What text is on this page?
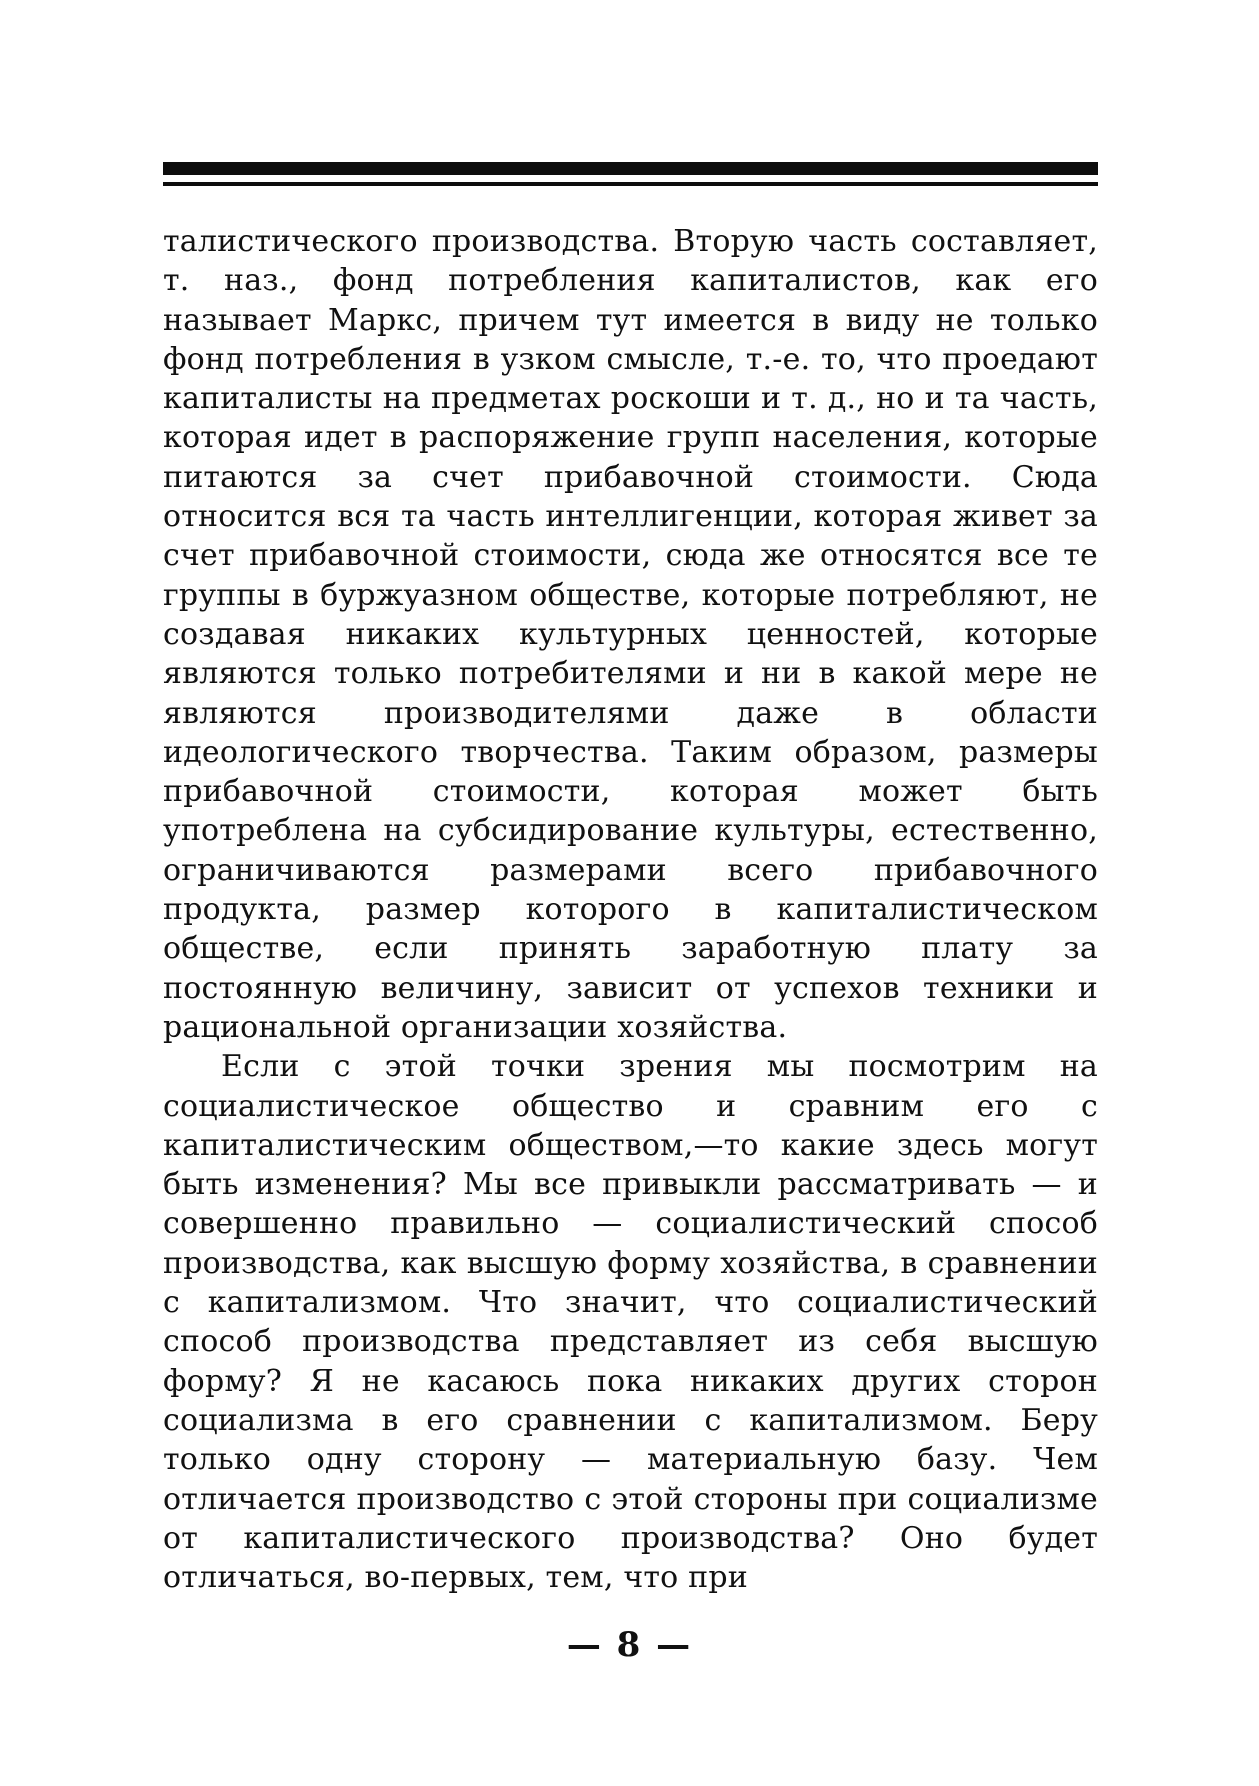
талистического производства. Вторую часть составляет, т. наз., фонд потребления капиталистов, как его называет Маркс, причем тут имеется в виду не только фонд потребления в узком смысле, т.-е. то, что проедают капиталисты на предметах роскоши и т. д., но и та часть, которая идет в распоряжение групп населения, которые питаются за счет прибавочной стоимости. Сюда относится вся та часть интеллигенции, которая живет за счет прибавочной стоимости, сюда же относятся все те группы в буржуазном обществе, которые потребляют, не создавая никаких культурных ценностей, которые являются только потребителями и ни в какой мере не являются производителями даже в области идеологического творчества. Таким образом, размеры прибавочной стоимости, которая может быть употреблена на субсидирование культуры, естественно, ограничиваются размерами всего прибавочного продукта, размер которого в капиталистическом обществе, если принять заработную плату за постоянную величину, зависит от успехов техники и рациональной организации хозяйства.

Если с этой точки зрения мы посмотрим на социалистическое общество и сравним его с капиталистическим обществом,—то какие здесь могут быть изменения? Мы все привыкли рассматривать — и совершенно правильно — социалистический способ производства, как высшую форму хозяйства, в сравнении с капитализмом. Что значит, что социалистический способ производства представляет из себя высшую форму? Я не касаюсь пока никаких других сторон социализма в его сравнении с капитализмом. Беру только одну сторону — материальную базу. Чем отличается производство с этой стороны при социализме от капиталистического производства? Оно будет отличаться, во-первых, тем, что при

— 8 —
